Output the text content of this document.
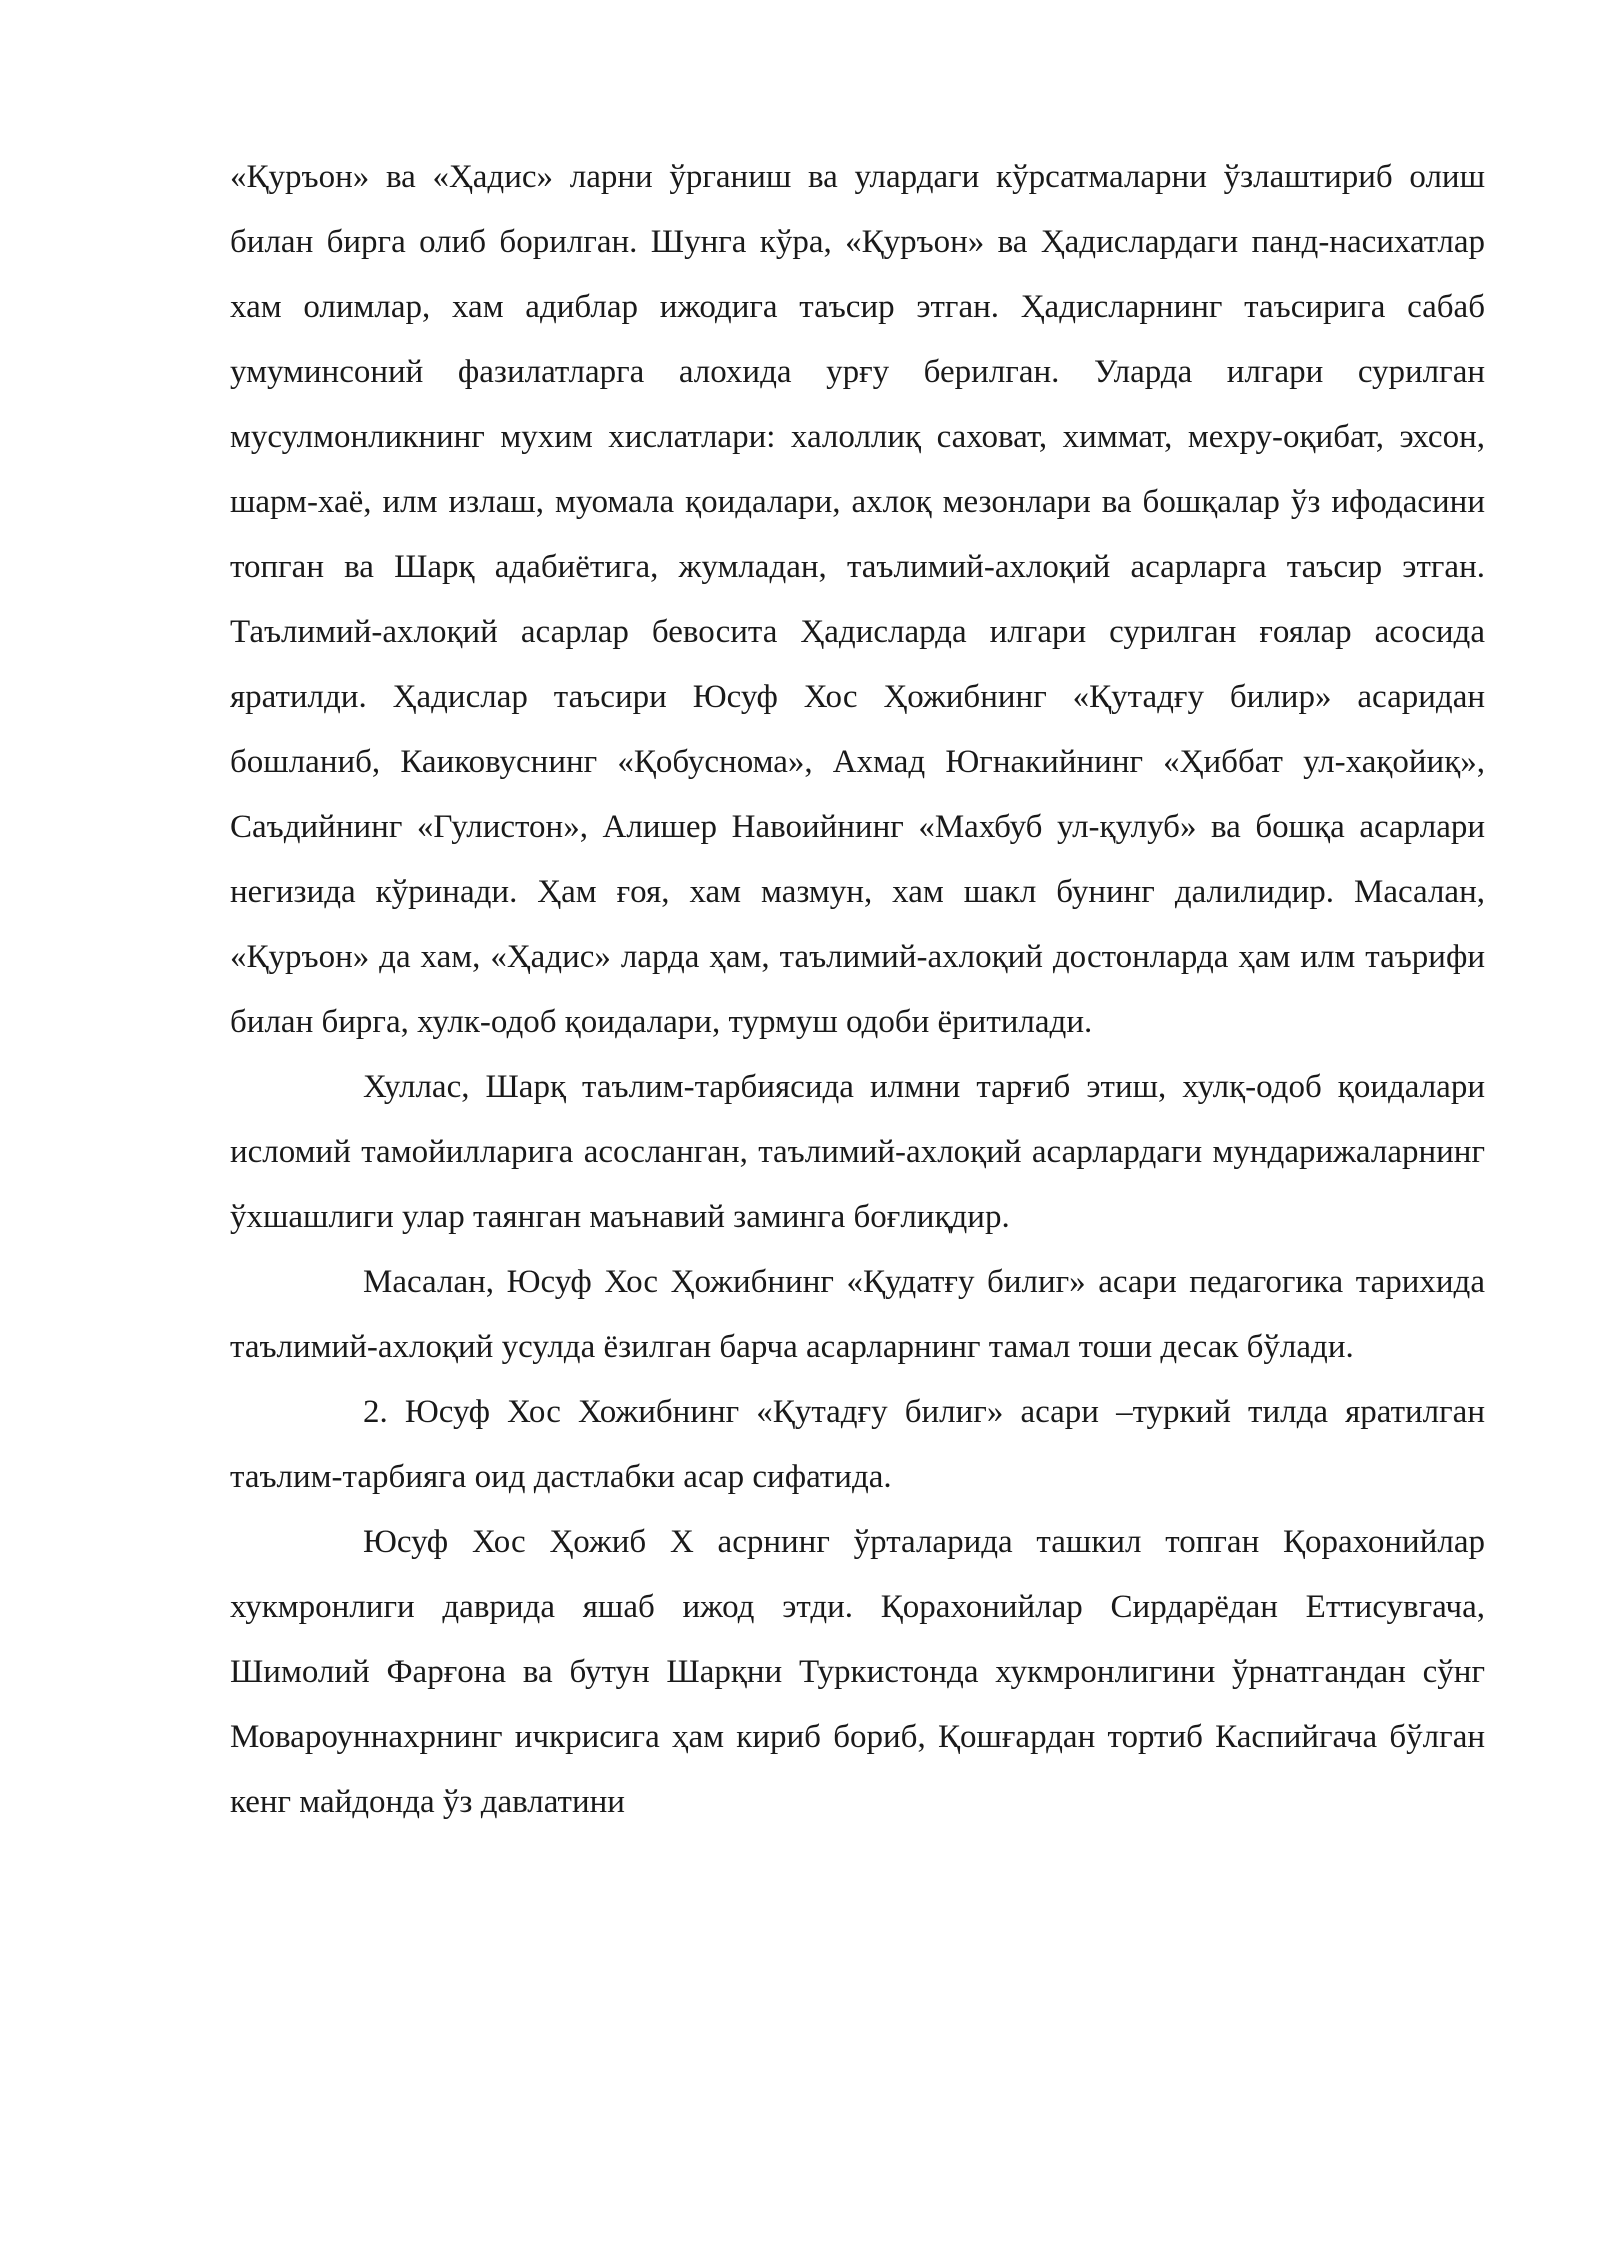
«Қуръон» ва «Ҳадис» ларни ўрганиш ва улардаги кўрсатмаларни ўзлаштириб олиш билан бирга олиб борилган. Шунга кўра, «Қуръон» ва Ҳадислардаги панд-насихатлар хам олимлар, хам адиблар ижодига таъсир этган. Ҳадисларнинг таъсирига сабаб умуминсоний фазилатларга алохида урғу берилган. Уларда илгари сурилган мусулмонликнинг мухим хислатлари: халоллиқ саховат, химмат, мехру-оқибат, эхсон, шарм-хаё, илм излаш, муомала қоидалари, ахлоқ мезонлари ва бошқалар ўз ифодасини топган ва Шарқ адабиётига, жумладан, таълимий-ахлоқий асарларга таъсир этган. Таълимий-ахлоқий асарлар бевосита Ҳадисларда илгари сурилган ғоялар асосида яратилди. Ҳадислар таъсири Юсуф Хос Ҳожибнинг «Қутадғу билир» асаридан бошланиб, Каиковуснинг «Қобуснома», Ахмад Югнакийнинг «Ҳиббат ул-хақойиқ», Саъдийнинг «Гулистон», Алишер Навоийнинг «Махбуб ул-қулуб» ва бошқа асарлари негизида кўринади. Ҳам ғоя, хам мазмун, хам шакл бунинг далилидир. Масалан, «Қуръон» да хам, «Ҳадис» ларда ҳам, таълимий-ахлоқий достонларда ҳам илм таърифи билан бирга, хулк-одоб қоидалари, турмуш одоби ёритилади.

Хуллас, Шарқ таълим-тарбиясида илмни тарғиб этиш, хулқ-одоб қоидалари исломий тамойилларига асосланган, таълимий-ахлоқий асарлардаги мундарижаларнинг ўхшашлиги улар таянган маънавий заминга боғлиқдир.

Масалан, Юсуф Хос Ҳожибнинг «Қудатғу билиг» асари педагогика тарихида таълимий-ахлоқий усулда ёзилган барча асарларнинг тамал тоши десак бўлади.

2. Юсуф Хос Хожибнинг «Қутадғу билиг» асари –туркий тилда яратилган таълим-тарбияга оид дастлабки асар сифатида.

Юсуф Хос Ҳожиб Х асрнинг ўрталарида ташкил топган Қорахонийлар хукмронлиги даврида яшаб ижод этди. Қорахонийлар Сирдарёдан Еттисувгача, Шимолий Фарғона ва бутун Шарқни Туркистонда хукмронлигини ўрнатгандан сўнг Мовароуннахрнинг ичкрисига ҳам кириб бориб, Қошғардан тортиб Каспийгача бўлган кенг майдонда ўз давлатини
